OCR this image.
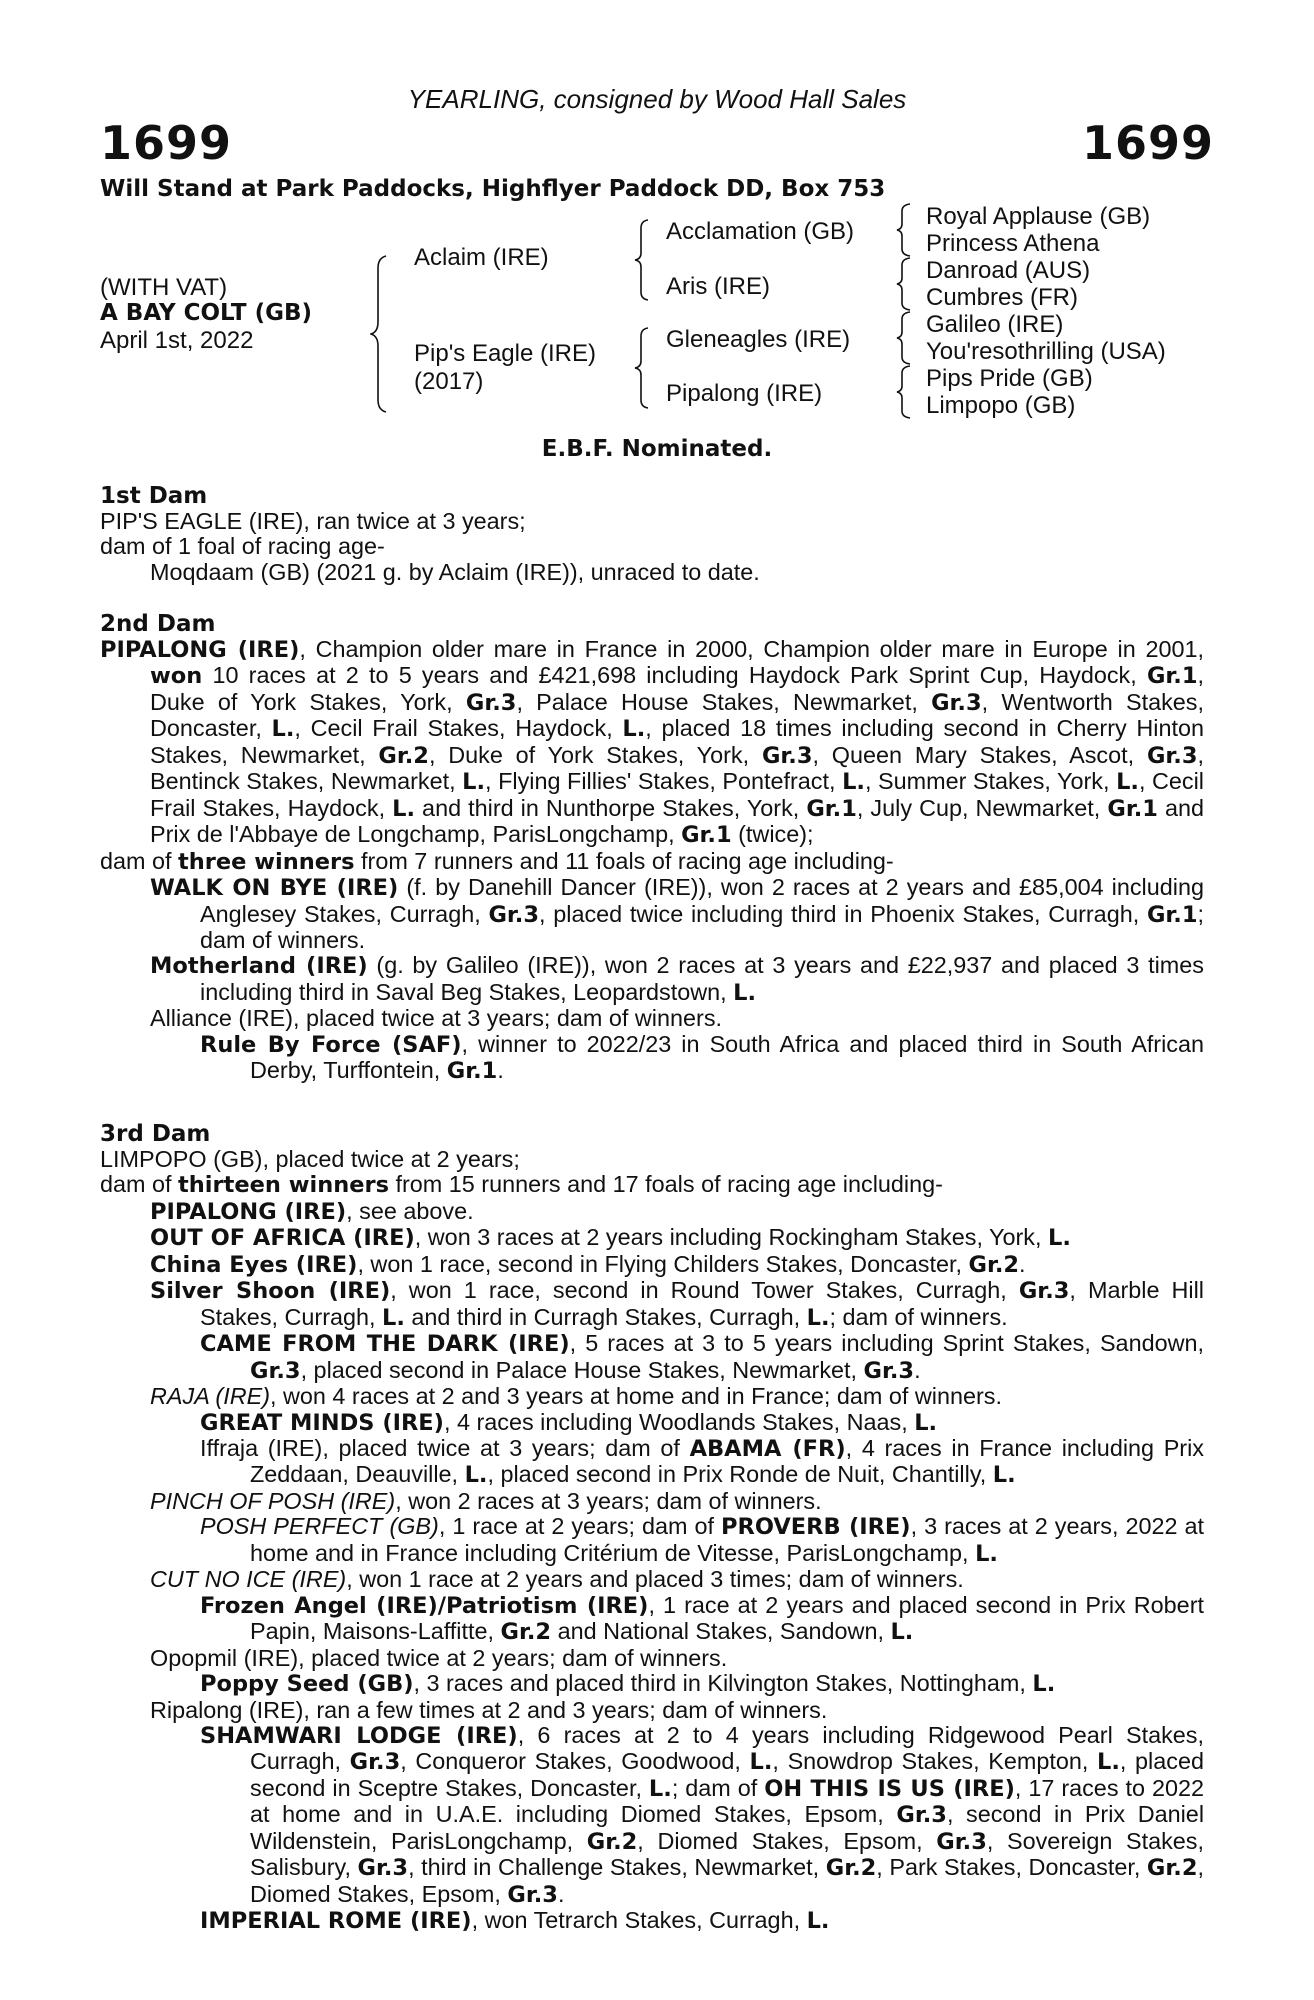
YEARLING, consigned by Wood Hall Sales
1699	1699
Will Stand at Park Paddocks, Highflyer Paddock DD, Box 753
(WITH VAT)
A BAY COLT (GB)
April 1st, 2022
Aclaim (IRE)
Pip's Eagle (IRE)
(2017)
Acclamation (GB)
Aris (IRE)
Gleneagles (IRE)
Pipalong (IRE)
Royal Applause (GB)
Princess Athena
Danroad (AUS)
Cumbres (FR)
Galileo (IRE)
You'resothrilling (USA)
Pips Pride (GB)
Limpopo (GB)
E.B.F. Nominated.
1st Dam
PIP'S EAGLE (IRE), ran twice at 3 years;
dam of 1 foal of racing age-
Moqdaam (GB) (2021 g. by Aclaim (IRE)), unraced to date.
2nd Dam
PIPALONG (IRE), Champion older mare in France in 2000, Champion older mare in Europe in 2001, won 10 races at 2 to 5 years and £421,698 including Haydock Park Sprint Cup, Haydock, Gr.1, Duke of York Stakes, York, Gr.3, Palace House Stakes, Newmarket, Gr.3, Wentworth Stakes, Doncaster, L., Cecil Frail Stakes, Haydock, L., placed 18 times including second in Cherry Hinton Stakes, Newmarket, Gr.2, Duke of York Stakes, York, Gr.3, Queen Mary Stakes, Ascot, Gr.3, Bentinck Stakes, Newmarket, L., Flying Fillies' Stakes, Pontefract, L., Summer Stakes, York, L., Cecil Frail Stakes, Haydock, L. and third in Nunthorpe Stakes, York, Gr.1, July Cup, Newmarket, Gr.1 and Prix de l'Abbaye de Longchamp, ParisLongchamp, Gr.1 (twice);
dam of three winners from 7 runners and 11 foals of racing age including-
WALK ON BYE (IRE) (f. by Danehill Dancer (IRE)), won 2 races at 2 years and £85,004 including Anglesey Stakes, Curragh, Gr.3, placed twice including third in Phoenix Stakes, Curragh, Gr.1; dam of winners.
Motherland (IRE) (g. by Galileo (IRE)), won 2 races at 3 years and £22,937 and placed 3 times including third in Saval Beg Stakes, Leopardstown, L.
Alliance (IRE), placed twice at 3 years; dam of winners.
Rule By Force (SAF), winner to 2022/23 in South Africa and placed third in South African Derby, Turffontein, Gr.1.
3rd Dam
LIMPOPO (GB), placed twice at 2 years;
dam of thirteen winners from 15 runners and 17 foals of racing age including-
PIPALONG (IRE), see above.
OUT OF AFRICA (IRE), won 3 races at 2 years including Rockingham Stakes, York, L.
China Eyes (IRE), won 1 race, second in Flying Childers Stakes, Doncaster, Gr.2.
Silver Shoon (IRE), won 1 race, second in Round Tower Stakes, Curragh, Gr.3, Marble Hill Stakes, Curragh, L. and third in Curragh Stakes, Curragh, L.; dam of winners.
CAME FROM THE DARK (IRE), 5 races at 3 to 5 years including Sprint Stakes, Sandown, Gr.3, placed second in Palace House Stakes, Newmarket, Gr.3.
RAJA (IRE), won 4 races at 2 and 3 years at home and in France; dam of winners.
GREAT MINDS (IRE), 4 races including Woodlands Stakes, Naas, L.
Iffraja (IRE), placed twice at 3 years; dam of ABAMA (FR), 4 races in France including Prix Zeddaan, Deauville, L., placed second in Prix Ronde de Nuit, Chantilly, L.
PINCH OF POSH (IRE), won 2 races at 3 years; dam of winners.
POSH PERFECT (GB), 1 race at 2 years; dam of PROVERB (IRE), 3 races at 2 years, 2022 at home and in France including Critérium de Vitesse, ParisLongchamp, L.
CUT NO ICE (IRE), won 1 race at 2 years and placed 3 times; dam of winners.
Frozen Angel (IRE)/Patriotism (IRE), 1 race at 2 years and placed second in Prix Robert Papin, Maisons-Laffitte, Gr.2 and National Stakes, Sandown, L.
Opopmil (IRE), placed twice at 2 years; dam of winners.
Poppy Seed (GB), 3 races and placed third in Kilvington Stakes, Nottingham, L.
Ripalong (IRE), ran a few times at 2 and 3 years; dam of winners.
SHAMWARI LODGE (IRE), 6 races at 2 to 4 years including Ridgewood Pearl Stakes, Curragh, Gr.3, Conqueror Stakes, Goodwood, L., Snowdrop Stakes, Kempton, L., placed second in Sceptre Stakes, Doncaster, L.; dam of OH THIS IS US (IRE), 17 races to 2022 at home and in U.A.E. including Diomed Stakes, Epsom, Gr.3, second in Prix Daniel Wildenstein, ParisLongchamp, Gr.2, Diomed Stakes, Epsom, Gr.3, Sovereign Stakes, Salisbury, Gr.3, third in Challenge Stakes, Newmarket, Gr.2, Park Stakes, Doncaster, Gr.2, Diomed Stakes, Epsom, Gr.3.
IMPERIAL ROME (IRE), won Tetrarch Stakes, Curragh, L.
